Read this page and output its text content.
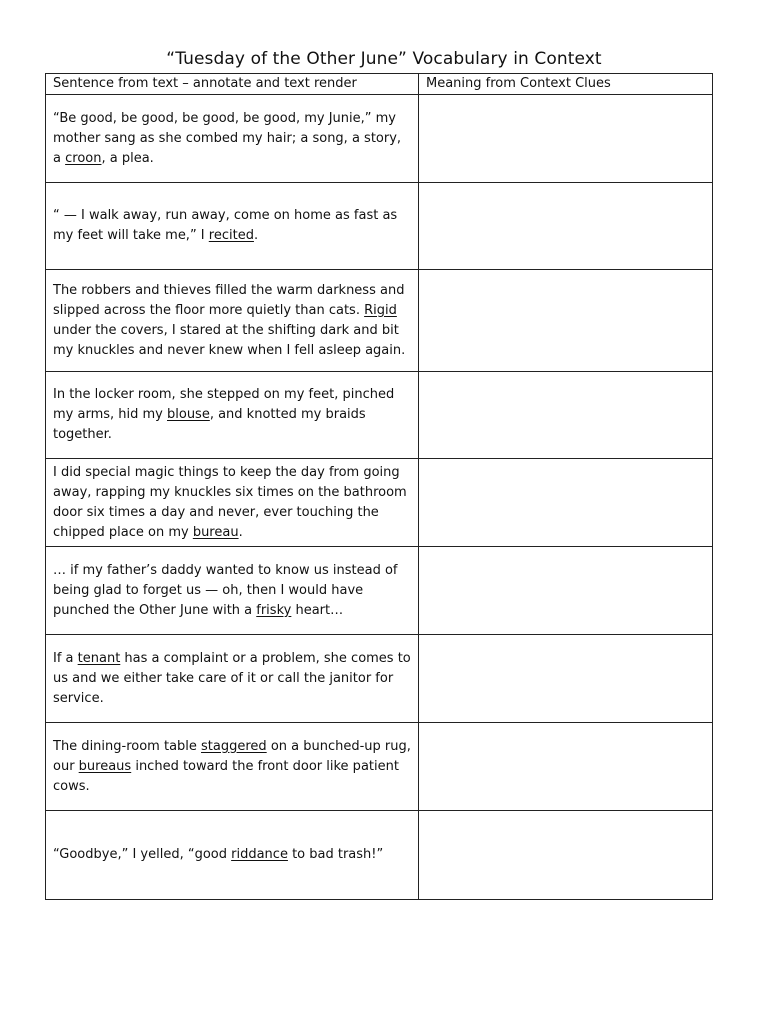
“Tuesday of the Other June” Vocabulary in Context
Sentence from text – annotate and text render	Meaning from Context Clues
“Be good, be good, be good, be good, my Junie,” my mother sang as she combed my hair; a song, a story, a croon, a plea.	
“ — I walk away, run away, come on home as fast as my feet will take me,” I recited.	
The robbers and thieves filled the warm darkness and slipped across the floor more quietly than cats. Rigid under the covers, I stared at the shifting dark and bit my knuckles and never knew when I fell asleep again.	
In the locker room, she stepped on my feet, pinched my arms, hid my blouse, and knotted my braids together.	
I did special magic things to keep the day from going away, rapping my knuckles six times on the bathroom door six times a day and never, ever touching the chipped place on my bureau.	
… if my father’s daddy wanted to know us instead of being glad to forget us — oh, then I would have punched the Other June with a frisky heart…	
If a tenant has a complaint or a problem, she comes to us and we either take care of it or call the janitor for service.	
The dining-room table staggered on a bunched-up rug, our bureaus inched toward the front door like patient cows.	
“Goodbye,” I yelled, “good riddance to bad trash!”	
